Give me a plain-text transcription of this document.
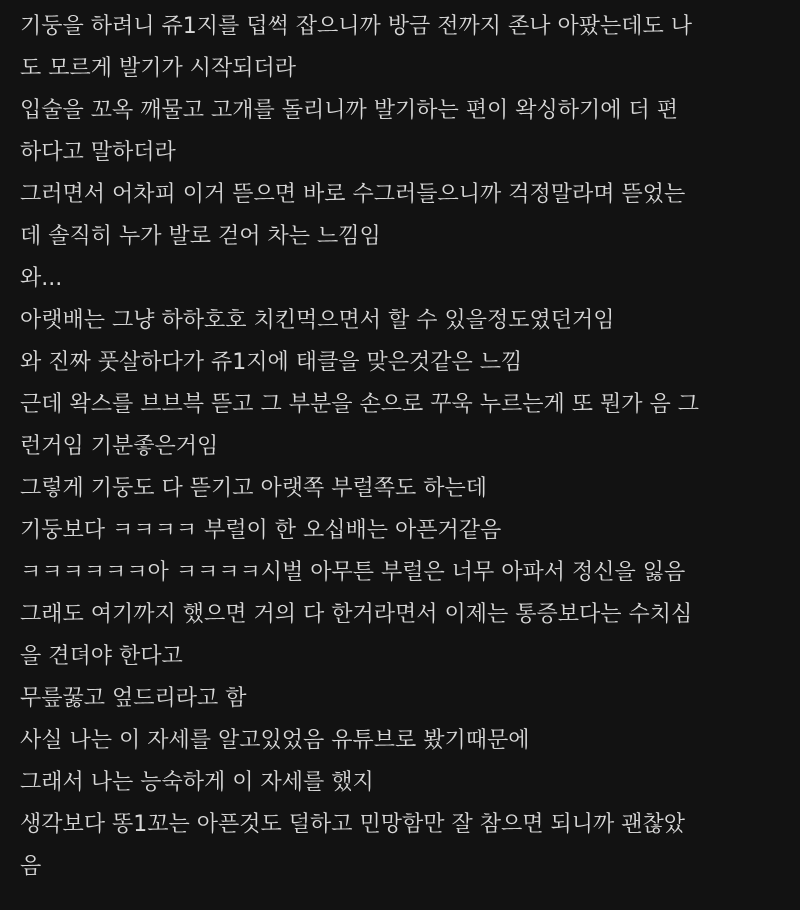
기둥을 하려니 쥬1지를 덥썩 잡으니까 방금 전까지 존나 아팠는데도 나

도 모르게 발기가 시작되더라

입술을 꼬옥 깨물고 고개를 돌리니까 발기하는 편이 왁싱하기에 더 편

하다고 말하더라

그러면서 어차피 이거 뜯으면 바로 수그러들으니까 걱정말라며 뜯었는

데 솔직히 누가 발로 걷어 차는 느낌임

와...

아랫배는 그냥 하하호호 치킨먹으면서 할 수 있을정도였던거임

와 진짜 풋살하다가 쥬1지에 태클을 맞은것같은 느낌

근데 왁스를 브브븍 뜯고 그 부분을 손으로 꾸욱 누르는게 또 뭔가 음 그

런거임 기분좋은거임

그렇게 기둥도 다 뜯기고 아랫쪽 부럴쪽도 하는데

기둥보다 ㅋㅋㅋㅋ 부럴이 한 오십배는 아픈거같음

ㅋㅋㅋㅋㅋㅋ아 ㅋㅋㅋㅋ시벌 아무튼 부럴은 너무 아파서 정신을 잃음

그래도 여기까지 했으면 거의 다 한거라면서 이제는 통증보다는 수치심

을 견뎌야 한다고

무릎꿇고 엎드리라고 함

사실 나는 이 자세를 알고있었음 유튜브로 봤기때문에

그래서 나는 능숙하게 이 자세를 했지

생각보다 똥1꼬는 아픈것도 덜하고 민망함만 잘 참으면 되니까 괜찮았

음
